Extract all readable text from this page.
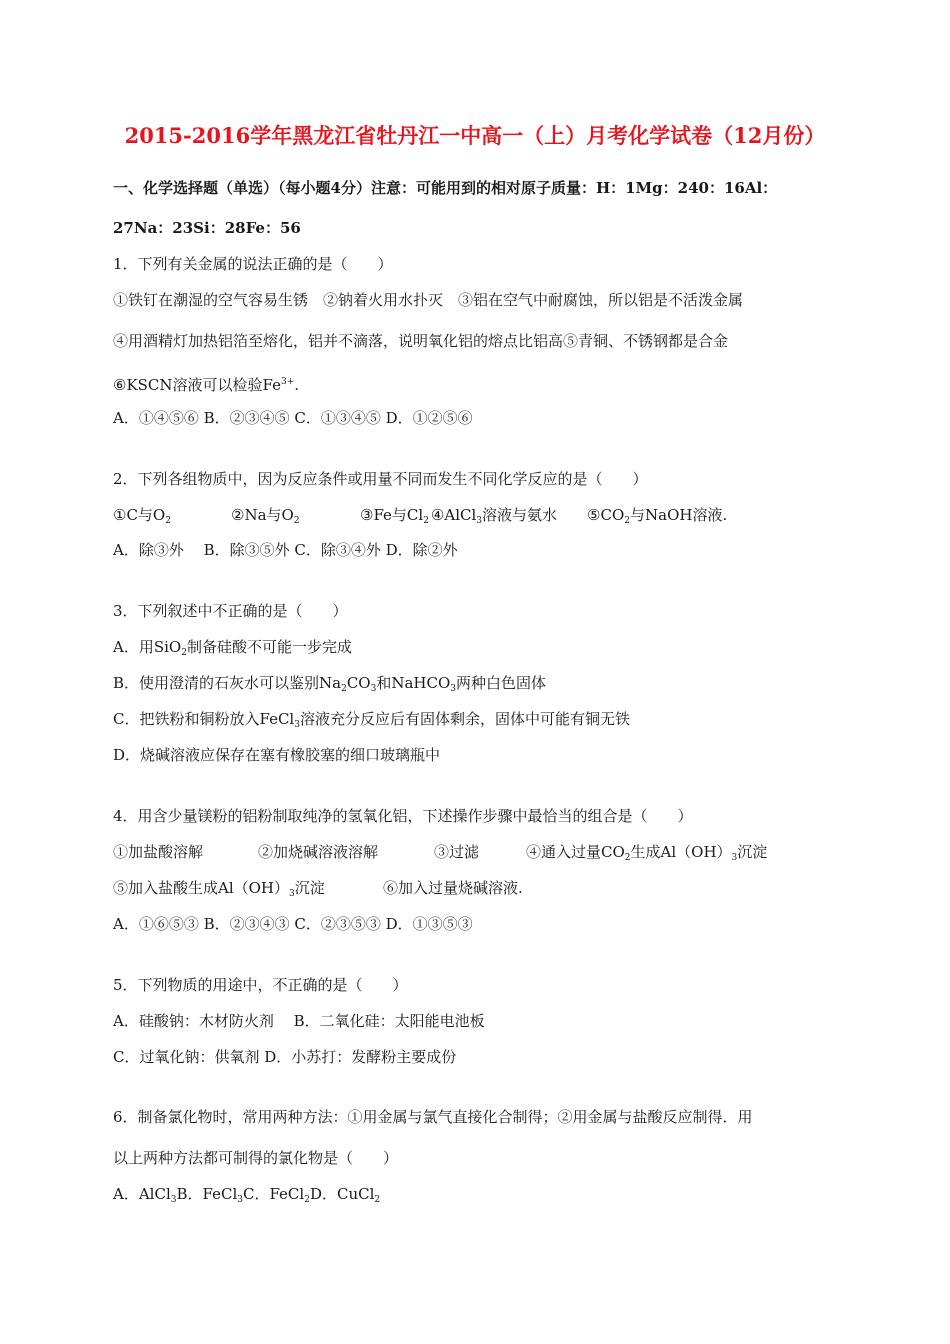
2015-2016学年黑龙江省牡丹江一中高一（上）月考化学试卷（12月份）
一、化学选择题（单选）（每小题4分）注意：可能用到的相对原子质量：H：1Mg：240：16Al：
27Na：23Si：28Fe：56
1．下列有关金属的说法正确的是（　　）
①铁钉在潮湿的空气容易生锈　②钠着火用水扑灭　③铝在空气中耐腐蚀，所以铝是不活泼金属
④用酒精灯加热铝箔至熔化，铝并不滴落，说明氧化铝的熔点比铝高⑤青铜、不锈钢都是合金
⑥KSCN溶液可以检验$Fe^{3+}$.
A．①④⑤⑥ B．②③④⑤ C．①③④⑤ D．①②⑤⑥
2．下列各组物质中，因为反应条件或用量不同而发生不同化学反应的是（　　）
①C与$O_2$	②Na与$O_2$	③Fe与$Cl_2$ ④AlCl$_3$溶液与氨水 $⑤CO_2$与NaOH溶液.
A．除③外　 B．除③⑤外 C．除③④外 D．除②外
3．下列叙述中不正确的是（　　）
A．用SiO$_2$制备硅酸不可能一步完成
B．使用澄清的石灰水可以鉴别$Na_2CO_3$和NaHCO$_3$两种白色固体
C．把铁粉和铜粉放入FeCl$_3$溶液充分反应后有固体剩余，固体中可能有铜无铁
D．烧碱溶液应保存在塞有橡胶塞的细口玻璃瓶中
4．用含少量镁粉的铝粉制取纯净的氢氧化铝，下述操作步骤中最恰当的组合是（　　）
①加盐酸溶解	②加烧碱溶液溶解	③过滤	④通入过量$CO_2$生成$Al(OH)_3$沉淀
⑤加入盐酸生成$Al(OH)_3$沉淀	⑥加入过量烧碱溶液.
A．①⑥⑤③ B．②③④③ C．②③⑤③ D．①③⑤③
5．下列物质的用途中，不正确的是（　　）
A．硅酸钠：木材防火剂　 B．二氧化硅：太阳能电池板
C．过氧化钠：供氧剂 D．小苏打：发酵粉主要成份
6．制备氯化物时，常用两种方法：①用金属与氯气直接化合制得；②用金属与盐酸反应制得．用
以上两种方法都可制得的氯化物是（　　）
A．AlCl$_3$B．FeCl$_3$C．FeCl$_2$D．CuCl$_2$
